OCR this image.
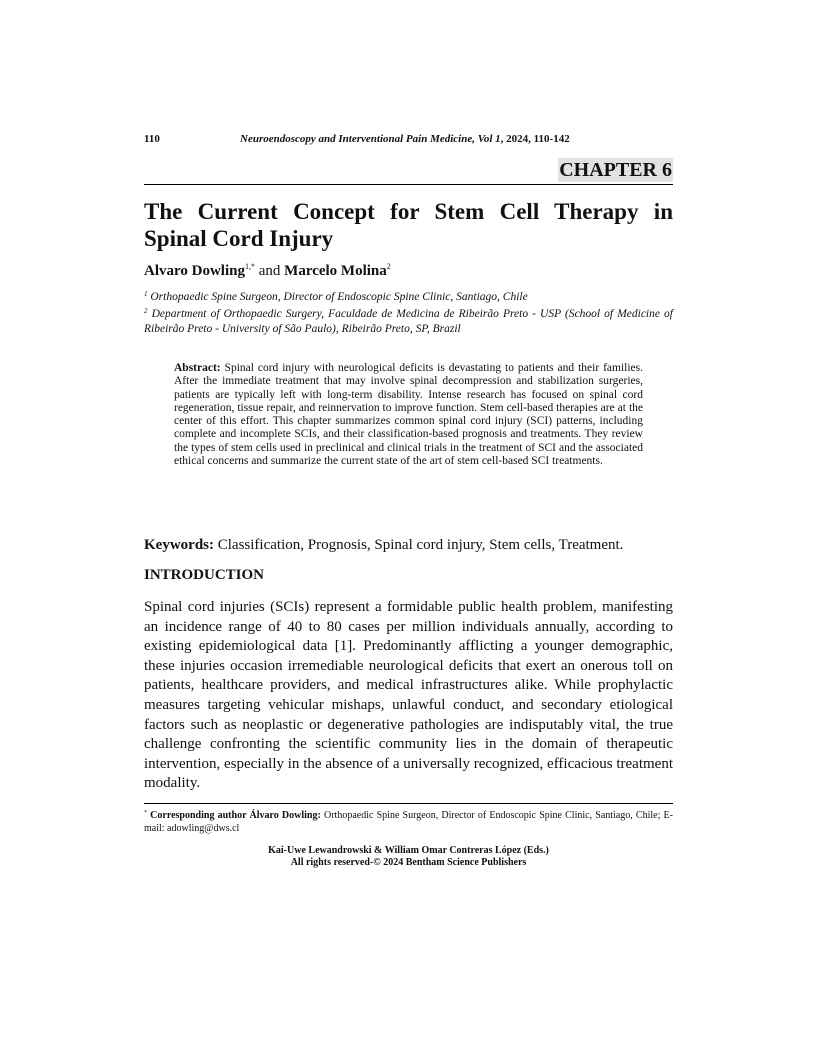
110	Neuroendoscopy and Interventional Pain Medicine, Vol 1, 2024, 110-142
CHAPTER 6
The Current Concept for Stem Cell Therapy in Spinal Cord Injury
Alvaro Dowling$^{1,*}$ and Marcelo Molina$^2$
$^1$ Orthopaedic Spine Surgeon, Director of Endoscopic Spine Clinic, Santiago, Chile
$^2$ Department of Orthopaedic Surgery, Faculdade de Medicina de Ribeirão Preto - USP (School of Medicine of Ribeirão Preto - University of São Paulo), Ribeirão Preto, SP, Brazil
Abstract: Spinal cord injury with neurological deficits is devastating to patients and their families. After the immediate treatment that may involve spinal decompression and stabilization surgeries, patients are typically left with long-term disability. Intense research has focused on spinal cord regeneration, tissue repair, and reinnervation to improve function. Stem cell-based therapies are at the center of this effort. This chapter summarizes common spinal cord injury (SCI) patterns, including complete and incomplete SCIs, and their classification-based prognosis and treatments. They review the types of stem cells used in preclinical and clinical trials in the treatment of SCI and the associated ethical concerns and summarize the current state of the art of stem cell-based SCI treatments.
Keywords: Classification, Prognosis, Spinal cord injury, Stem cells, Treatment.
INTRODUCTION

Spinal cord injuries (SCIs) represent a formidable public health problem, manifesting an incidence range of 40 to 80 cases per million individuals annually, according to existing epidemiological data [1]. Predominantly afflicting a younger demographic, these injuries occasion irremediable neurological deficits that exert an onerous toll on patients, healthcare providers, and medical infrastructures alike. While prophylactic measures targeting vehicular mishaps, unlawful conduct, and secondary etiological factors such as neoplastic or degenerative pathologies are indisputably vital, the true challenge confronting the scientific community lies in the domain of therapeutic intervention, especially in the absence of a universally recognized, efficacious treatment modality.

* Corresponding author Álvaro Dowling: Orthopaedic Spine Surgeon, Director of Endoscopic Spine Clinic, Santiago, Chile; E-mail: adowling@dws.cl
Kai-Uwe Lewandrowski & William Omar Contreras López (Eds.)
All rights reserved-© 2024 Bentham Science Publishers
